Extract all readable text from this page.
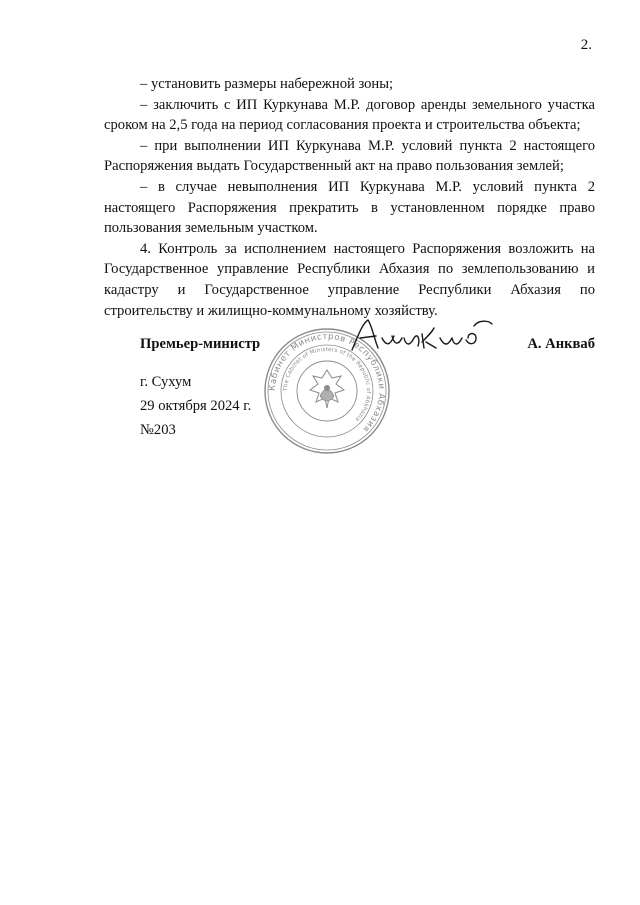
2.

– установить размеры набережной зоны;

– заключить с ИП Куркунава М.Р. договор аренды земельного участка сроком на 2,5 года на период согласования проекта и строительства объекта;

– при выполнении ИП Куркунава М.Р. условий пункта 2 настоящего Распоряжения выдать Государственный акт на право пользования землей;

– в случае невыполнения ИП Куркунава М.Р. условий пункта 2 настоящего Распоряжения прекратить в установленном порядке право пользования земельным участком.

4. Контроль за исполнением настоящего Распоряжения возложить на Государственное управление Республики Абхазия по землепользованию и кадастру и Государственное управление Республики Абхазия по строительству и жилищно-коммунальному хозяйству.

Кабинет Министров Республики Абхазия
The Cabinet of Ministers of the Republic of Abkhazia
Премьер-министр	А. Анкваб
г. Сухум
29 октября 2024 г.
№203
